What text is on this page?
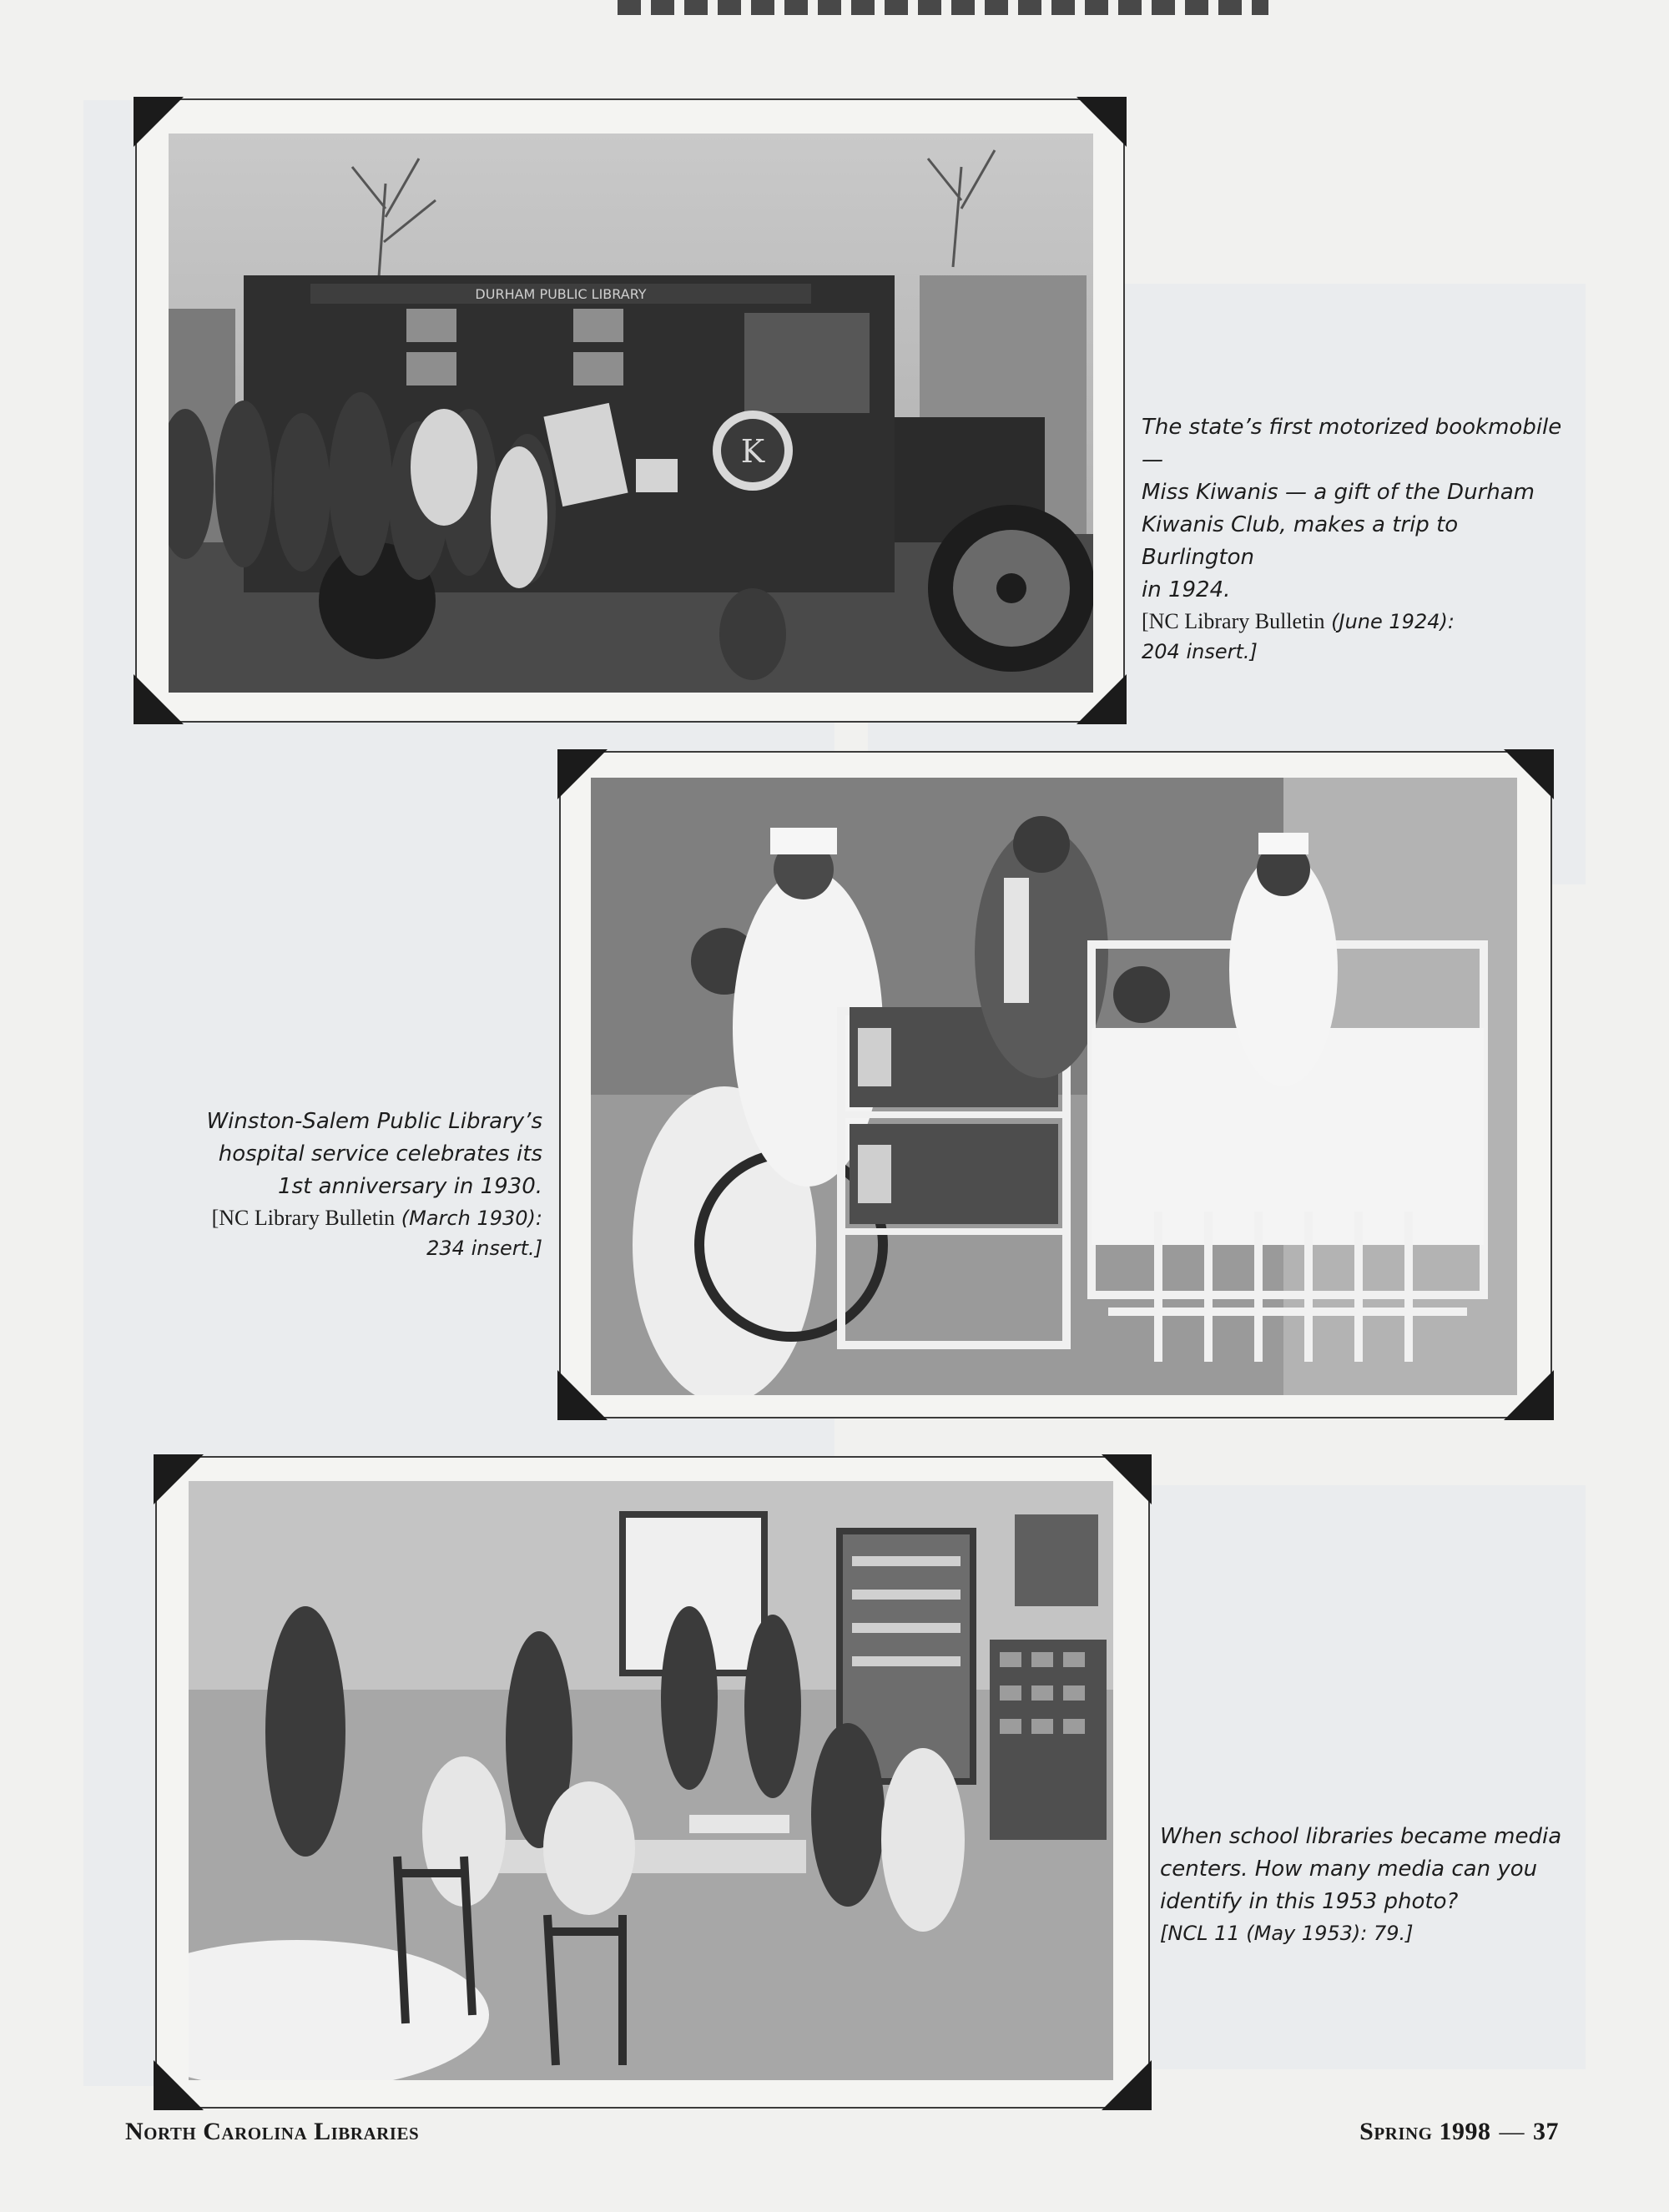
DURHAM PUBLIC LIBRARY
K
The state’s first motorized bookmobile —
Miss Kiwanis — a gift of the Durham
Kiwanis Club, makes a trip to Burlington
in 1924.
[NC Library Bulletin (June 1924):
204 insert.]
Winston-Salem Public Library’s
hospital service celebrates its
1st anniversary in 1930.
[NC Library Bulletin (March 1930):
234 insert.]
When school libraries became media
centers. How many media can you
identify in this 1953 photo?
[NCL 11 (May 1953): 79.]
North Carolina Libraries	Spring 1998 — 37
